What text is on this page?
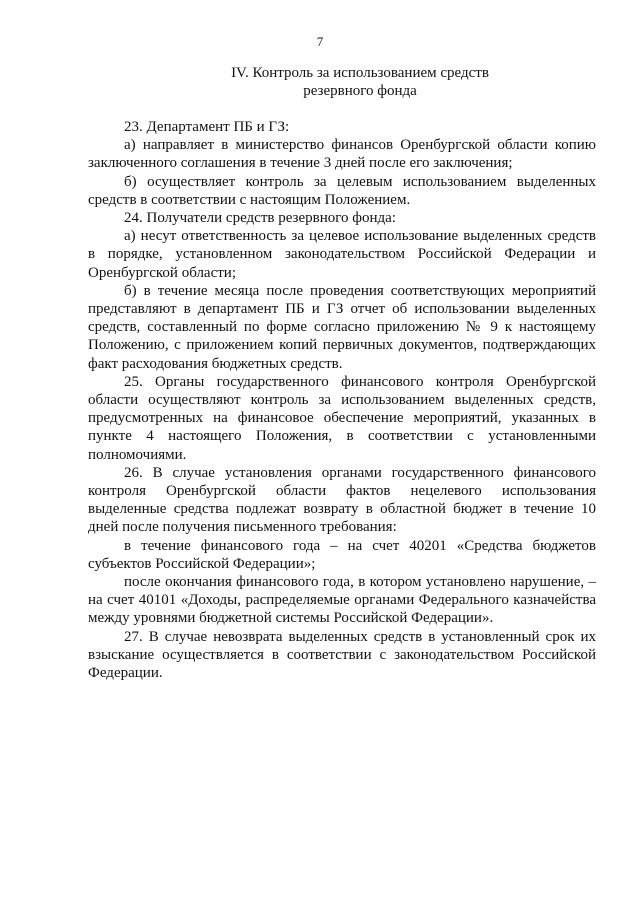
7
IV. Контроль за использованием средств
резервного фонда

23. Департамент ПБ и ГЗ:

а) направляет в министерство финансов Оренбургской области копию заключенного соглашения в течение 3 дней после его заключения;

б) осуществляет контроль за целевым использованием выделенных средств в соответствии с настоящим Положением.

24. Получатели средств резервного фонда:

а) несут ответственность за целевое использование выделенных средств в порядке, установленном законодательством Российской Федерации и Оренбургской области;

б) в течение месяца после проведения соответствующих мероприятий представляют в департамент ПБ и ГЗ отчет об использовании выделенных средств, составленный по форме согласно приложению № 9 к настоящему Положению, с приложением копий первичных документов, подтверждающих факт расходования бюджетных средств.

25. Органы государственного финансового контроля Оренбургской области осуществляют контроль за использованием выделенных средств, предусмотренных на финансовое обеспечение мероприятий, указанных в пункте 4 настоящего Положения, в соответствии с установленными полномочиями.

26. В случае установления органами государственного финансового контроля Оренбургской области фактов нецелевого использования выделенные средства подлежат возврату в областной бюджет в течение 10 дней после получения письменного требования:

в течение финансового года – на счет 40201 «Средства бюджетов субъектов Российской Федерации»;

после окончания финансового года, в котором установлено нарушение, – на счет 40101 «Доходы, распределяемые органами Федерального казначейства между уровнями бюджетной системы Российской Федерации».

27. В случае невозврата выделенных средств в установленный срок их взыскание осуществляется в соответствии с законодательством Российской Федерации.
